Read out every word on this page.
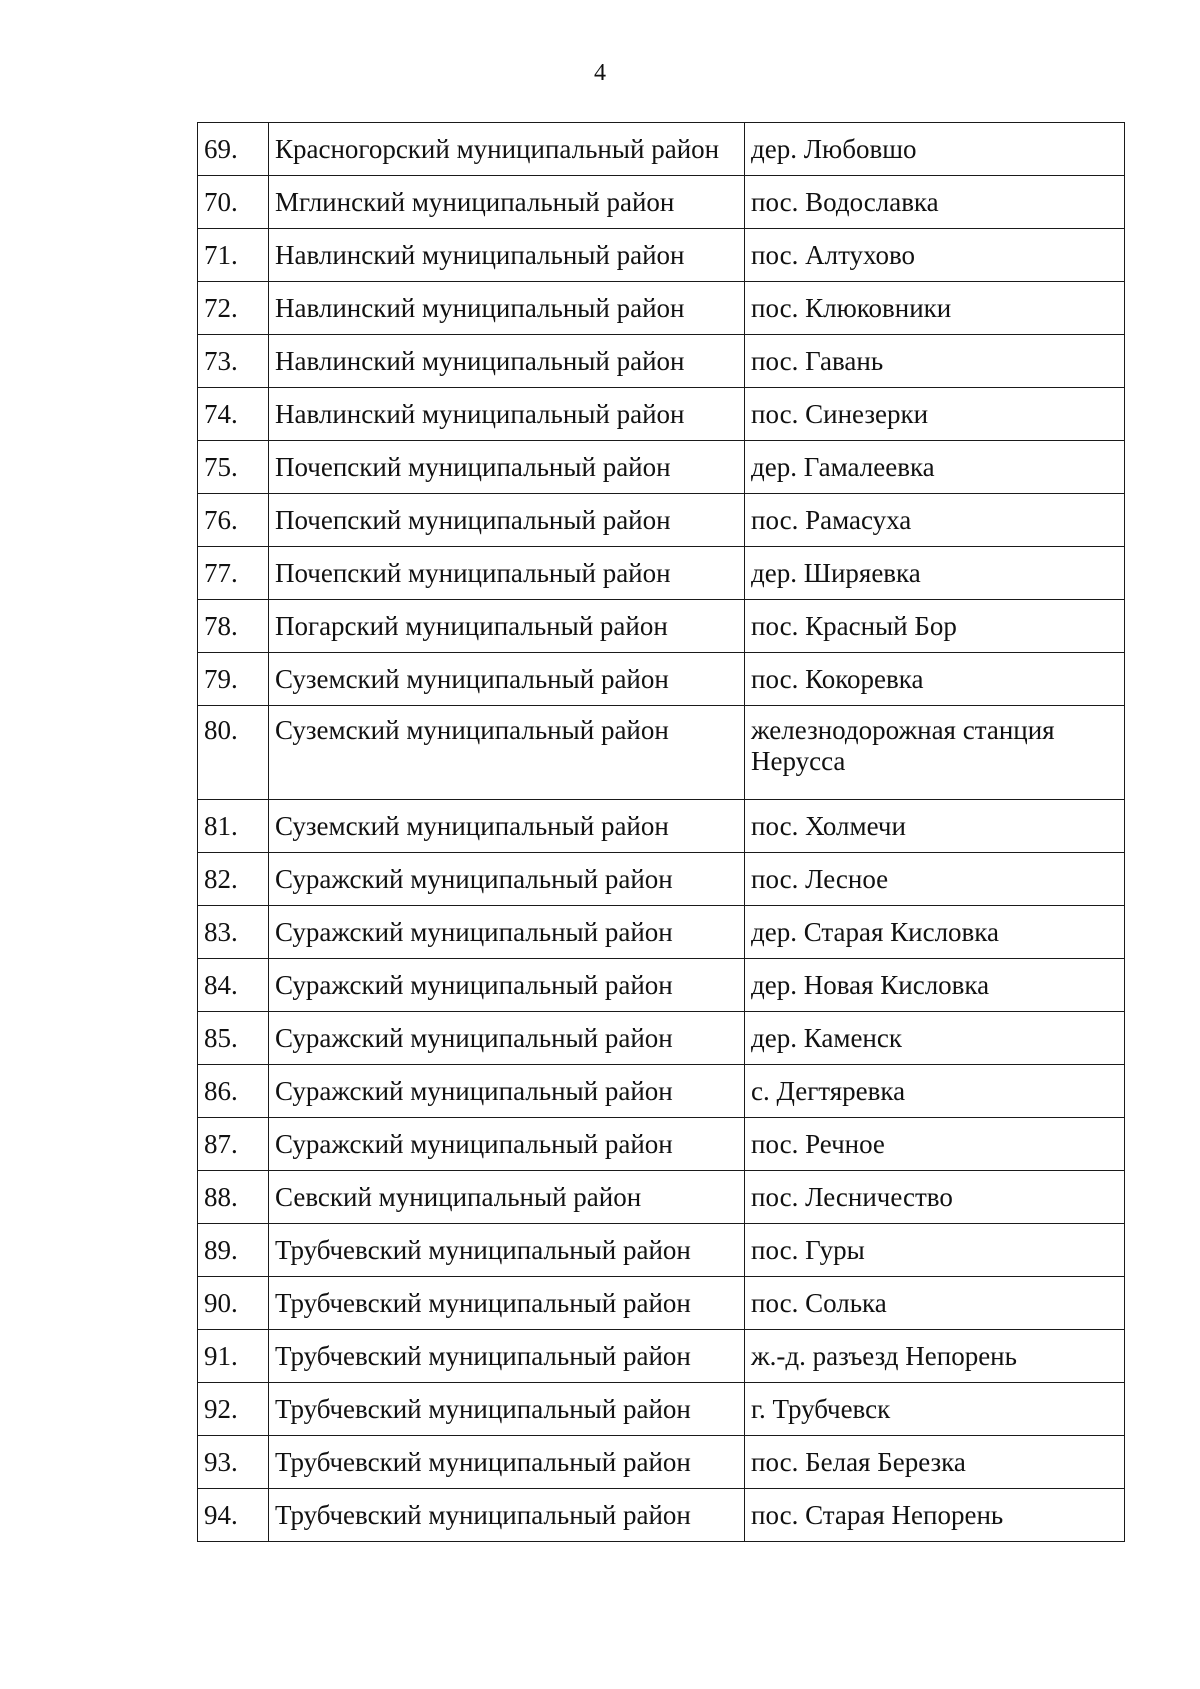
4
69.	Красногорский муниципальный район	дер. Любовшо
70.	Мглинский муниципальный район	пос. Водославка
71.	Навлинский муниципальный район	пос. Алтухово
72.	Навлинский муниципальный район	пос. Клюковники
73.	Навлинский муниципальный район	пос. Гавань
74.	Навлинский муниципальный район	пос. Синезерки
75.	Почепский муниципальный район	дер. Гамалеевка
76.	Почепский муниципальный район	пос. Рамасуха
77.	Почепский муниципальный район	дер. Ширяевка
78.	Погарский муниципальный район	пос. Красный Бор
79.	Суземский муниципальный район	пос. Кокоревка
80.	Суземский муниципальный район	железнодорожная станция Нерусса
81.	Суземский муниципальный район	пос. Холмечи
82.	Суражский муниципальный район	пос. Лесное
83.	Суражский муниципальный район	дер. Старая Кисловка
84.	Суражский муниципальный район	дер. Новая Кисловка
85.	Суражский муниципальный район	дер. Каменск
86.	Суражский муниципальный район	с. Дегтяревка
87.	Суражский муниципальный район	пос. Речное
88.	Севский муниципальный район	пос. Лесничество
89.	Трубчевский муниципальный район	пос. Гуры
90.	Трубчевский муниципальный район	пос. Солька
91.	Трубчевский муниципальный район	ж.-д. разъезд Непорень
92.	Трубчевский муниципальный район	г. Трубчевск
93.	Трубчевский муниципальный район	пос. Белая Березка
94.	Трубчевский муниципальный район	пос. Старая Непорень
